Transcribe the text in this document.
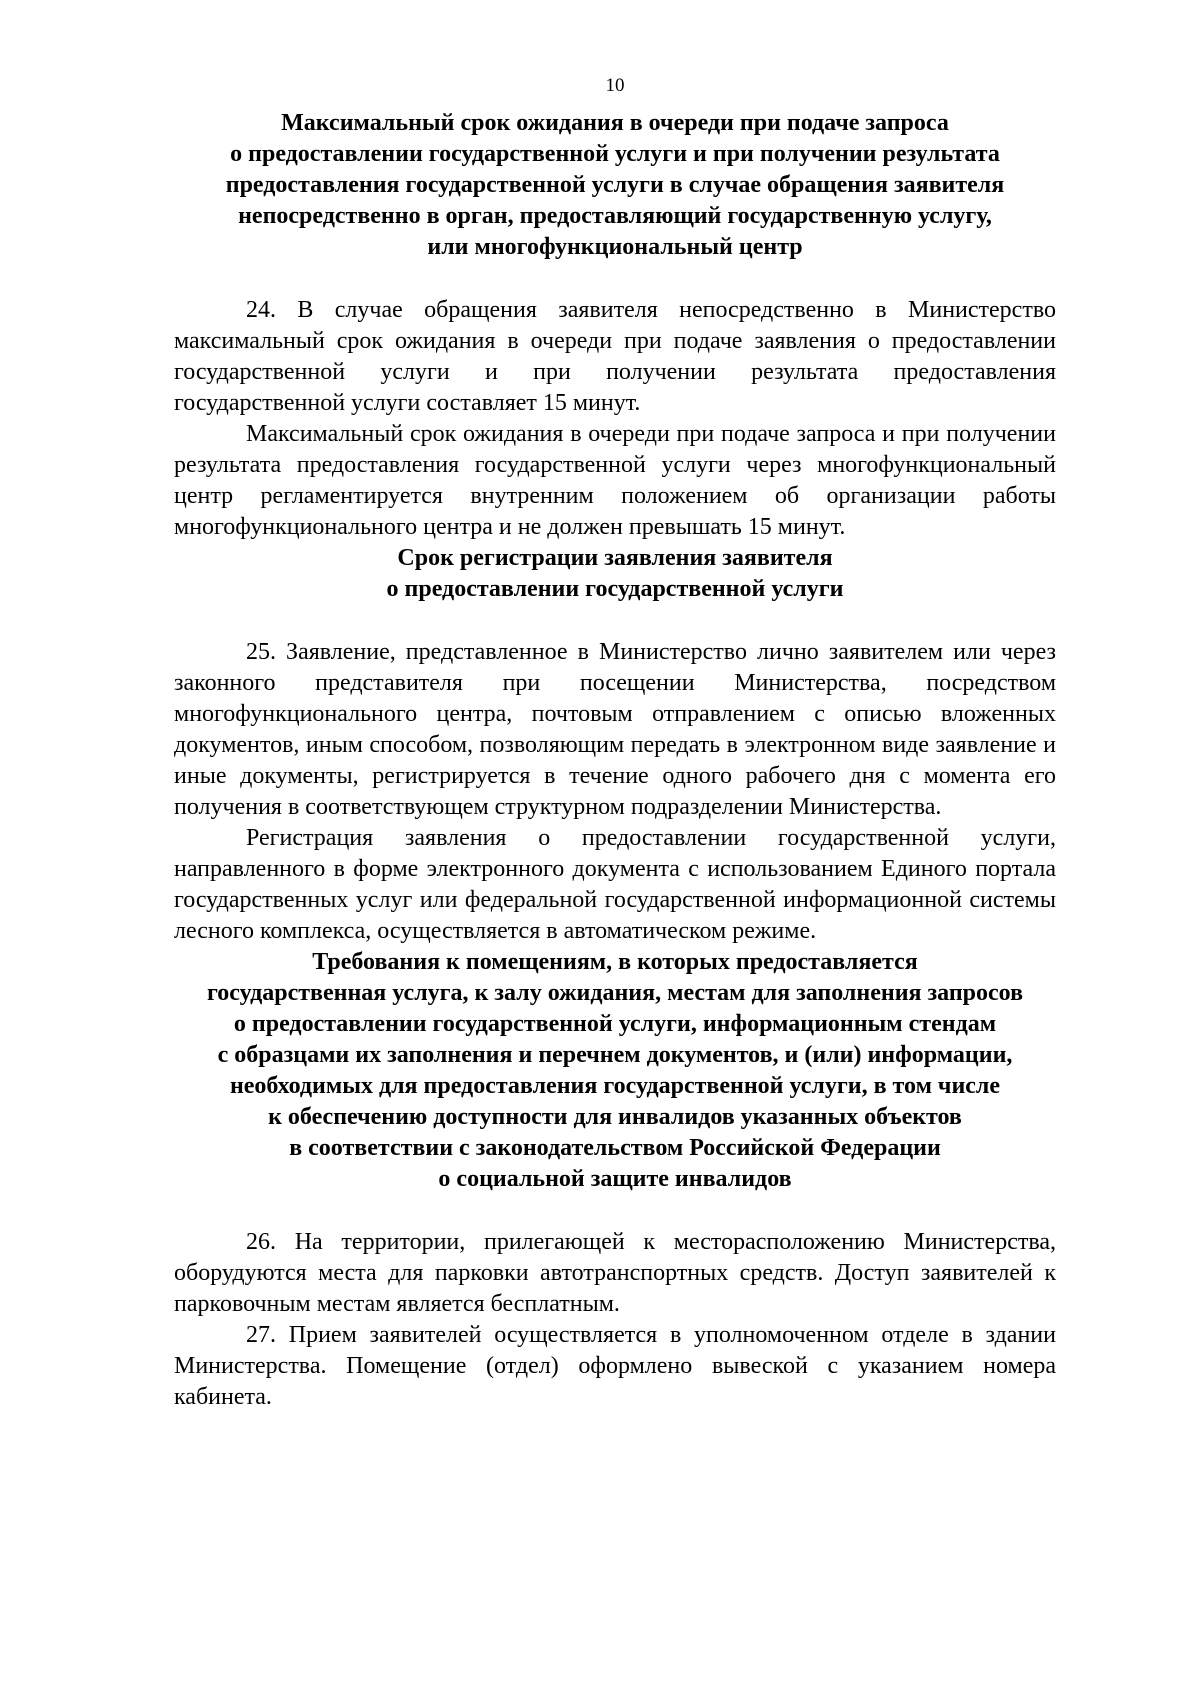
10
Максимальный срок ожидания в очереди при подаче запроса
о предоставлении государственной услуги и при получении результата
предоставления государственной услуги в случае обращения заявителя
непосредственно в орган, предоставляющий государственную услугу,
или многофункциональный центр

24. В случае обращения заявителя непосредственно в Министерство максимальный срок ожидания в очереди при подаче заявления о предоставлении государственной услуги и при получении результата предоставления государственной услуги составляет 15 минут.

Максимальный срок ожидания в очереди при подаче запроса и при получении результата предоставления государственной услуги через многофункциональный центр регламентируется внутренним положением об организации работы многофункционального центра и не должен превышать 15 минут.

Срок регистрации заявления заявителя
о предоставлении государственной услуги

25. Заявление, представленное в Министерство лично заявителем или через законного представителя при посещении Министерства, посредством многофункционального центра, почтовым отправлением с описью вложенных документов, иным способом, позволяющим передать в электронном виде заявление и иные документы, регистрируется в течение одного рабочего дня с момента его получения в соответствующем структурном подразделении Министерства.

Регистрация заявления о предоставлении государственной услуги, направленного в форме электронного документа с использованием Единого портала государственных услуг или федеральной государственной информационной системы лесного комплекса, осуществляется в автоматическом режиме.

Требования к помещениям, в которых предоставляется
государственная услуга, к залу ожидания, местам для заполнения запросов
о предоставлении государственной услуги, информационным стендам
с образцами их заполнения и перечнем документов, и (или) информации,
необходимых для предоставления государственной услуги, в том числе
к обеспечению доступности для инвалидов указанных объектов
в соответствии с законодательством Российской Федерации
о социальной защите инвалидов

26. На территории, прилегающей к месторасположению Министерства, оборудуются места для парковки автотранспортных средств. Доступ заявителей к парковочным местам является бесплатным.

27. Прием заявителей осуществляется в уполномоченном отделе в здании Министерства. Помещение (отдел) оформлено вывеской с указанием номера кабинета.
